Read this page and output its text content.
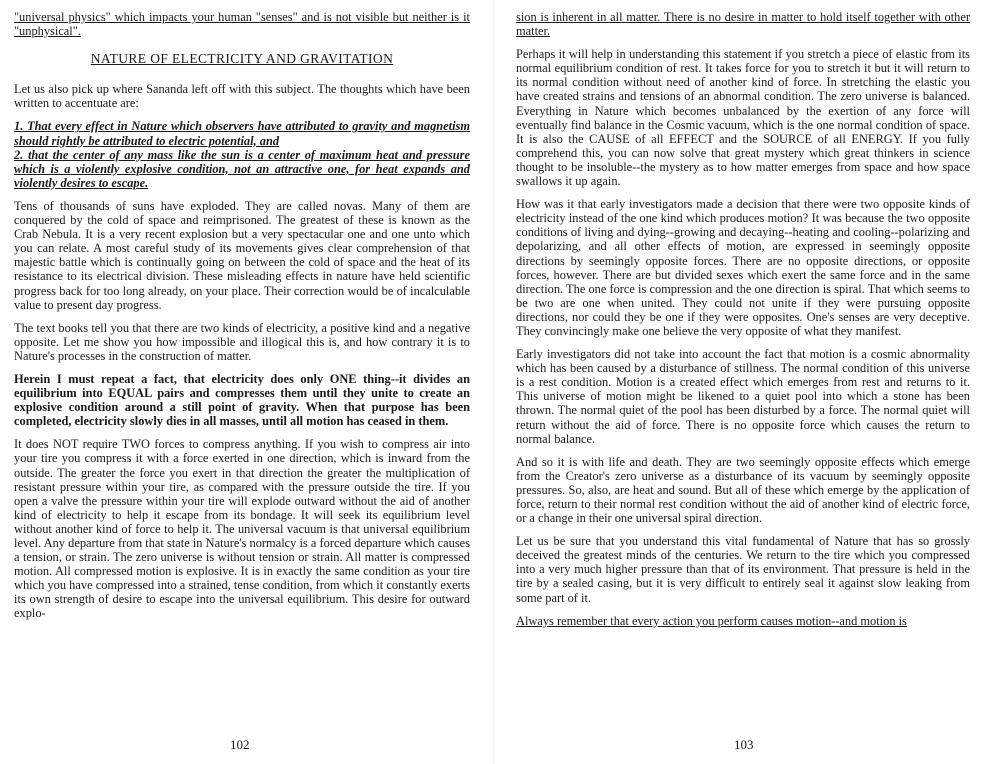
"universal physics" which impacts your human "senses" and is not visible but neither is it "unphysical".

NATURE OF ELECTRICITY AND GRAVITATION

Let us also pick up where Sananda left off with this subject. The thoughts which have been written to accentuate are:

1. That every effect in Nature which observers have attributed to gravity and magnetism should rightly be attributed to electric potential, and

2. that the center of any mass like the sun is a center of maximum heat and pressure which is a violently explosive condition, not an attractive one, for heat expands and violently desires to escape.

Tens of thousands of suns have exploded. They are called novas. Many of them are conquered by the cold of space and reimprisoned. The greatest of these is known as the Crab Nebula. It is a very recent explosion but a very spectacular one and one unto which you can relate. A most careful study of its movements gives clear comprehension of that majestic battle which is continually going on between the cold of space and the heat of its resistance to its electrical division. These misleading effects in nature have held scientific progress back for too long already, on your place. Their correction would be of incalculable value to present day progress.

The text books tell you that there are two kinds of electricity, a positive kind and a negative opposite. Let me show you how impossible and illogical this is, and how contrary it is to Nature's processes in the construction of matter.

Herein I must repeat a fact, that electricity does only ONE thing--it divides an equilibrium into EQUAL pairs and compresses them until they unite to create an explosive condition around a still point of gravity. When that purpose has been completed, electricity slowly dies in all masses, until all motion has ceased in them.

It does NOT require TWO forces to compress anything. If you wish to compress air into your tire you compress it with a force exerted in one direction, which is inward from the outside. The greater the force you exert in that direction the greater the multiplication of resistant pressure within your tire, as compared with the pressure outside the tire. If you open a valve the pressure within your tire will explode outward without the aid of another kind of electricity to help it escape from its bondage. It will seek its equilibrium level without another kind of force to help it. The universal vacuum is that universal equilibrium level. Any departure from that state in Nature's normalcy is a forced departure which causes a tension, or strain. The zero universe is without tension or strain. All matter is compressed motion. All compressed motion is explosive. It is in exactly the same condition as your tire which you have compressed into a strained, tense condition, from which it constantly exerts its own strength of desire to escape into the universal equilibrium. This desire for outward explo-

102

sion is inherent in all matter. There is no desire in matter to hold itself together with other matter.

Perhaps it will help in understanding this statement if you stretch a piece of elastic from its normal equilibrium condition of rest. It takes force for you to stretch it but it will return to its normal condition without need of another kind of force. In stretching the elastic you have created strains and tensions of an abnormal condition. The zero universe is balanced. Everything in Nature which becomes unbalanced by the exertion of any force will eventually find balance in the Cosmic vacuum, which is the one normal condition of space. It is also the CAUSE of all EFFECT and the SOURCE of all ENERGY. If you fully comprehend this, you can now solve that great mystery which great thinkers in science thought to be insoluble--the mystery as to how matter emerges from space and how space swallows it up again.

How was it that early investigators made a decision that there were two opposite kinds of electricity instead of the one kind which produces motion? It was because the two opposite conditions of living and dying--growing and decaying--heating and cooling--polarizing and depolarizing, and all other effects of motion, are expressed in seemingly opposite directions by seemingly opposite forces. There are no opposite directions, or opposite forces, however. There are but divided sexes which exert the same force and in the same direction. The one force is compression and the one direction is spiral. That which seems to be two are one when united. They could not unite if they were pursuing opposite directions, nor could they be one if they were opposites. One's senses are very deceptive. They convincingly make one believe the very opposite of what they manifest.

Early investigators did not take into account the fact that motion is a cosmic abnormality which has been caused by a disturbance of stillness. The normal condition of this universe is a rest condition. Motion is a created effect which emerges from rest and returns to it. This universe of motion might be likened to a quiet pool into which a stone has been thrown. The normal quiet of the pool has been disturbed by a force. The normal quiet will return without the aid of force. There is no opposite force which causes the return to normal balance.

And so it is with life and death. They are two seemingly opposite effects which emerge from the Creator's zero universe as a disturbance of its vacuum by seemingly opposite pressures. So, also, are heat and sound. But all of these which emerge by the application of force, return to their normal rest condition without the aid of another kind of electric force, or a change in their one universal spiral direction.

Let us be sure that you understand this vital fundamental of Nature that has so grossly deceived the greatest minds of the centuries. We return to the tire which you compressed into a very much higher pressure than that of its environment. That pressure is held in the tire by a sealed casing, but it is very difficult to entirely seal it against slow leaking from some part of it.

Always remember that every action you perform causes motion--and motion is

103
